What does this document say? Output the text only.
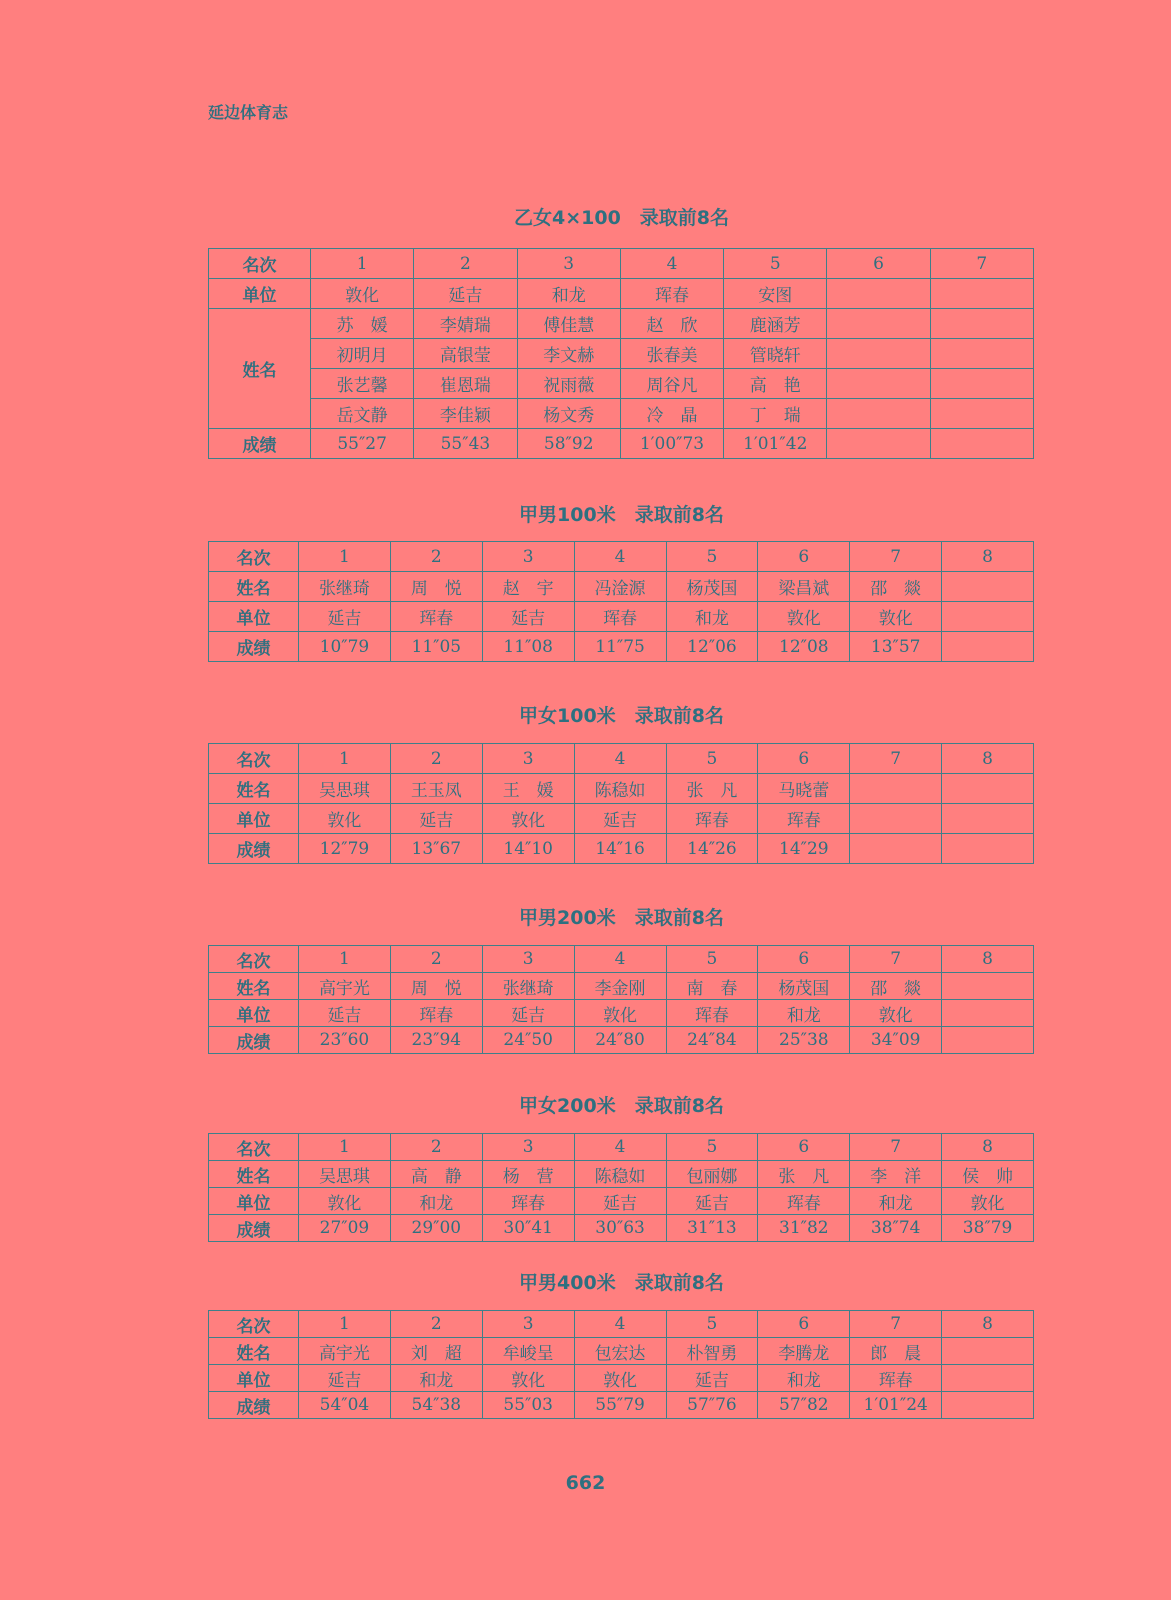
延边体育志
乙女4×100　录取前8名
名次	1	2	3	4	5	6	7
单位	敦化	延吉	和龙	珲春	安图		
姓名	苏　媛	李婧瑞	傅佳慧	赵　欣	鹿涵芳		
	初明月	高银莹	李文赫	张春美	管晓轩		
	张艺馨	崔恩瑞	祝雨薇	周谷凡	高　艳		
	岳文静	李佳颖	杨文秀	冷　晶	丁　瑞		
成绩	55″27	55″43	58″92	1′00″73	1′01″42		
甲男100米　录取前8名
名次	1	2	3	4	5	6	7	8
姓名	张继琦	周　悦	赵　宇	冯淦源	杨茂国	梁昌斌	邵　燚	
单位	延吉	珲春	延吉	珲春	和龙	敦化	敦化	
成绩	10″79	11″05	11″08	11″75	12″06	12″08	13″57	
甲女100米　录取前8名
名次	1	2	3	4	5	6	7	8
姓名	吴思琪	王玉凤	王　媛	陈稳如	张　凡	马晓蕾		
单位	敦化	延吉	敦化	延吉	珲春	珲春		
成绩	12″79	13″67	14″10	14″16	14″26	14″29		
甲男200米　录取前8名
名次	1	2	3	4	5	6	7	8
姓名	高宇光	周　悦	张继琦	李金刚	南　春	杨茂国	邵　燚	
单位	延吉	珲春	延吉	敦化	珲春	和龙	敦化	
成绩	23″60	23″94	24″50	24″80	24″84	25″38	34″09	
甲女200米　录取前8名
名次	1	2	3	4	5	6	7	8
姓名	吴思琪	高　静	杨　营	陈稳如	包丽娜	张　凡	李　洋	侯　帅
单位	敦化	和龙	珲春	延吉	延吉	珲春	和龙	敦化
成绩	27″09	29″00	30″41	30″63	31″13	31″82	38″74	38″79
甲男400米　录取前8名
名次	1	2	3	4	5	6	7	8
姓名	高宇光	刘　超	牟峻呈	包宏达	朴智勇	李腾龙	郎　晨	
单位	延吉	和龙	敦化	敦化	延吉	和龙	珲春	
成绩	54″04	54″38	55″03	55″79	57″76	57″82	1′01″24	
662
